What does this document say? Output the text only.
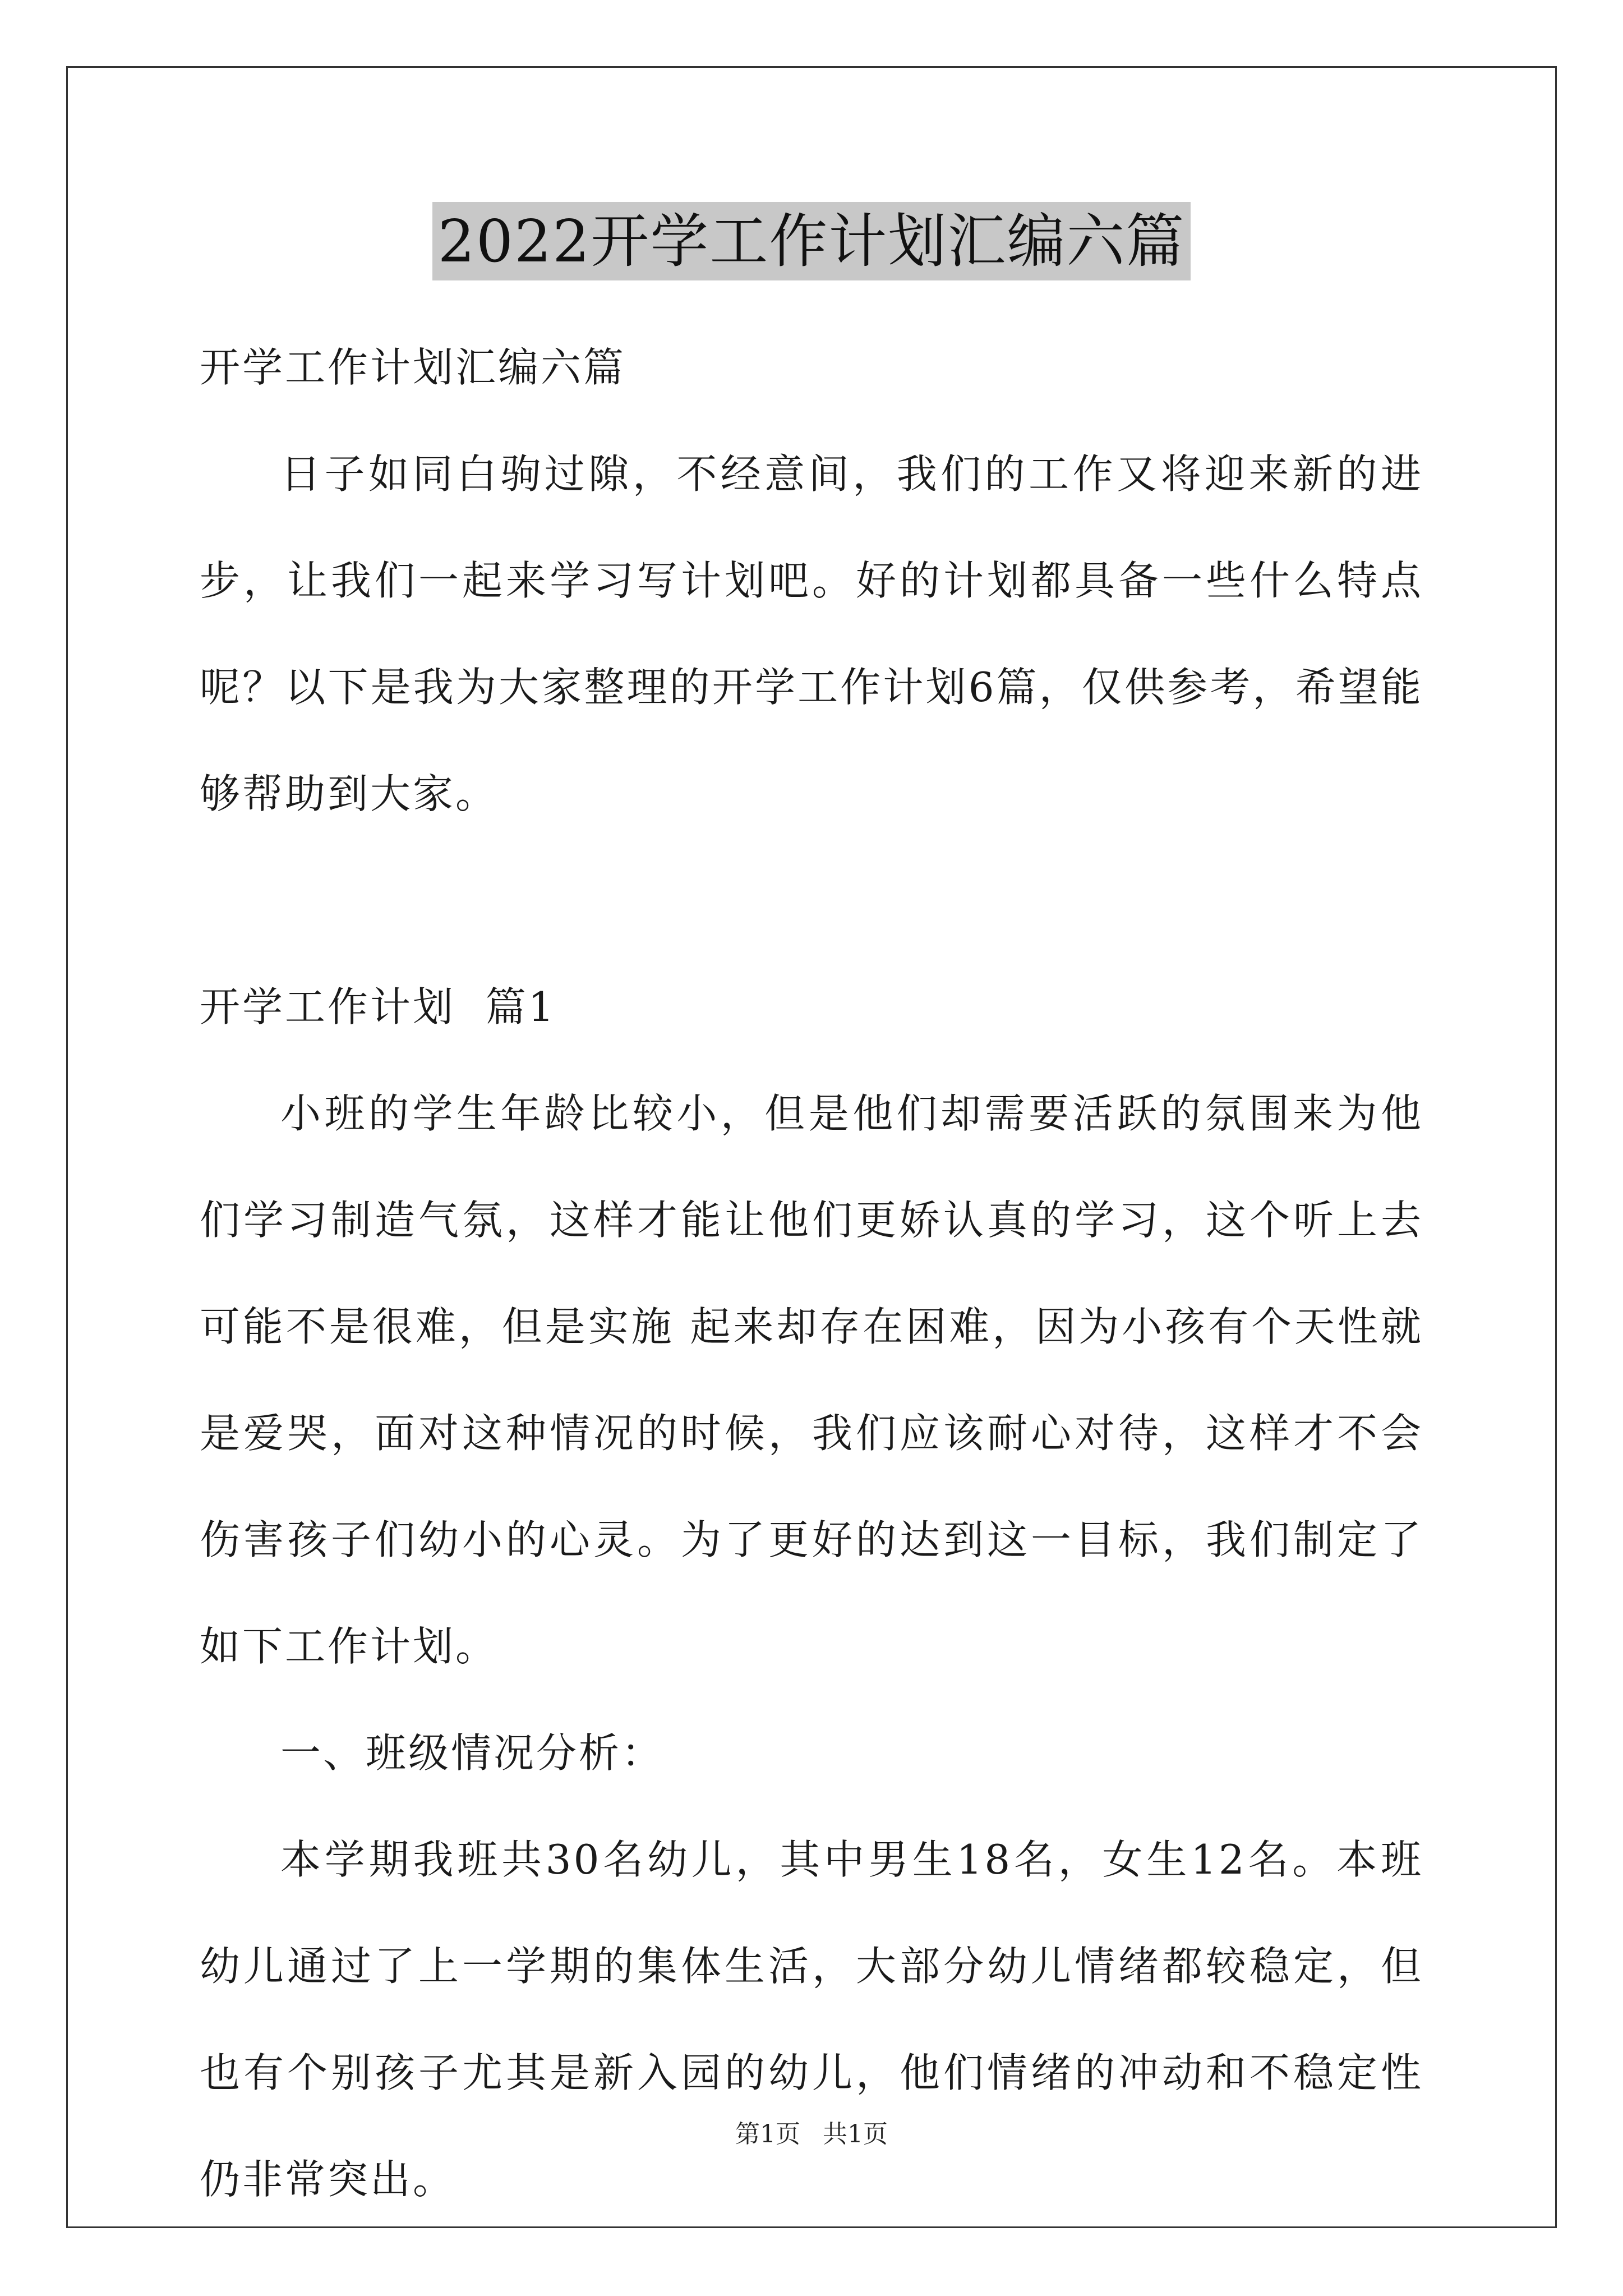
2022开学工作计划汇编六篇
开学工作计划汇编六篇

日子如同白驹过隙，不经意间，我们的工作又将迎来新的进步，让我们一起来学习写计划吧。好的计划都具备一些什么特点呢？以下是我为大家整理的开学工作计划6篇，仅供参考，希望能够帮助到大家。

开学工作计划  篇1

小班的学生年龄比较小，但是他们却需要活跃的氛围来为他们学习制造气氛，这样才能让他们更娇认真的学习，这个听上去可能不是很难，但是实施 起来却存在困难，因为小孩有个天性就是爱哭，面对这种情况的时候，我们应该耐心对待，这样才不会伤害孩子们幼小的心灵。为了更好的达到这一目标，我们制定了如下工作计划。

一、班级情况分析：

本学期我班共30名幼儿，其中男生18名，女生12名。本班幼儿通过了上一学期的集体生活，大部分幼儿情绪都较稳定，但也有个别孩子尤其是新入园的幼儿，他们情绪的冲动和不稳定性仍非常突出。

第1页 共1页
